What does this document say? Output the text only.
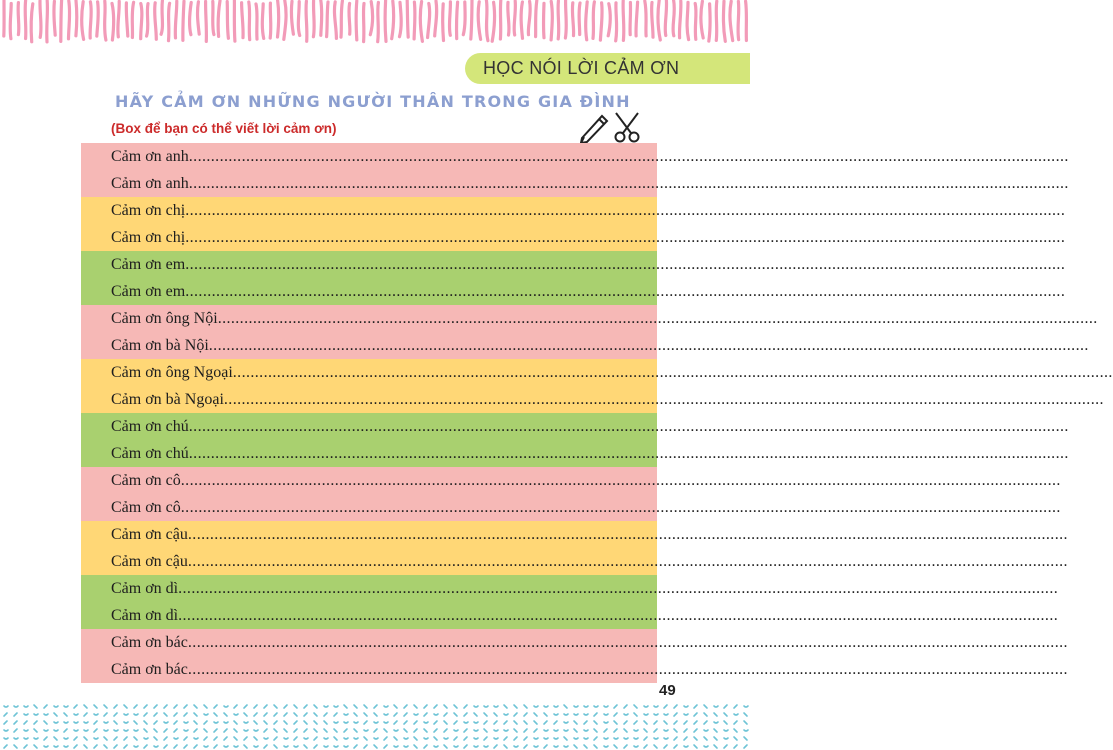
HỌC NÓI LỜI CẢM ƠN
HÃY CẢM ƠN NHỮNG NGƯỜI THÂN TRONG GIA ĐÌNH
(Box để bạn có thể viết lời cảm ơn)
Cảm ơn anh ........................................................................................................................................................................................................
Cảm ơn anh ........................................................................................................................................................................................................
Cảm ơn chị ........................................................................................................................................................................................................
Cảm ơn chị ........................................................................................................................................................................................................
Cảm ơn em ........................................................................................................................................................................................................
Cảm ơn em ........................................................................................................................................................................................................
Cảm ơn ông Nội ........................................................................................................................................................................................................
Cảm ơn bà Nội ........................................................................................................................................................................................................
Cảm ơn ông Ngoại ........................................................................................................................................................................................................
Cảm ơn bà Ngoại ........................................................................................................................................................................................................
Cảm ơn chú ........................................................................................................................................................................................................
Cảm ơn chú ........................................................................................................................................................................................................
Cảm ơn cô ........................................................................................................................................................................................................
Cảm ơn cô ........................................................................................................................................................................................................
Cảm ơn cậu ........................................................................................................................................................................................................
Cảm ơn cậu ........................................................................................................................................................................................................
Cảm ơn dì ........................................................................................................................................................................................................
Cảm ơn dì ........................................................................................................................................................................................................
Cảm ơn bác ........................................................................................................................................................................................................
Cảm ơn bác ........................................................................................................................................................................................................
49
